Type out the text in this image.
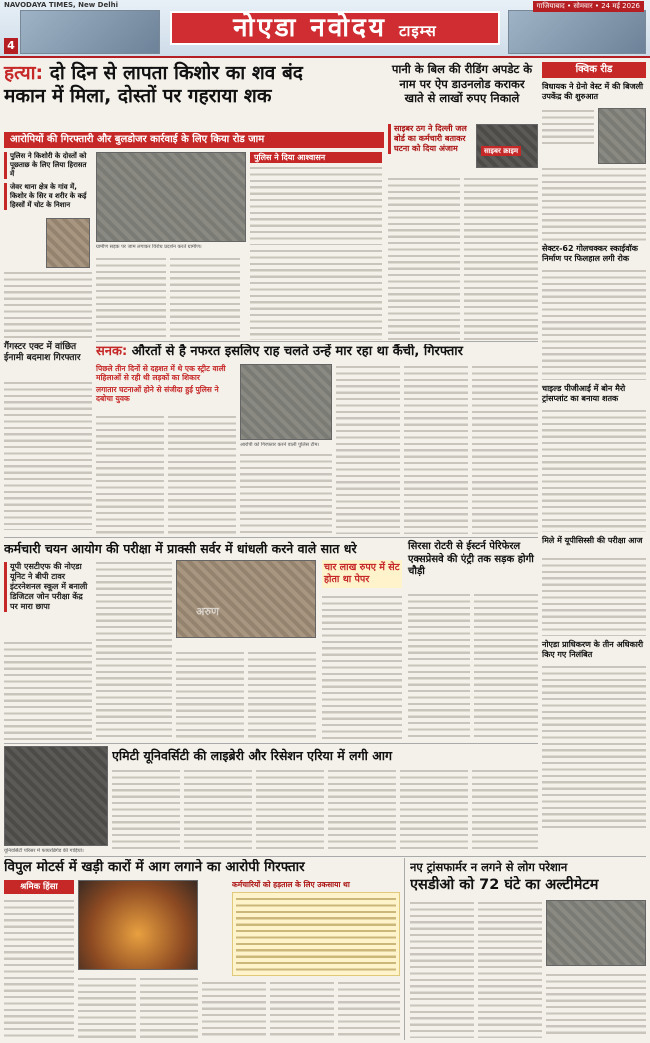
NAVODAYA TIMES, New Delhi
4
नोएडा नवोदय टाइम्स
गाजियाबाद • सोमवार • 24 मई 2026
हत्या: दो दिन से लापता किशोर का शव बंद
मकान में मिला, दोस्तों पर गहराया शक
आरोपियों की गिरफ्तारी और बुलडोजर कार्रवाई के लिए किया रोड जाम
पुलिस ने किशोरी के दोस्तों को पूछताछ के लिए लिया हिरासत में
जेवर थाना क्षेत्र के गांव में, किशोर के सिर व शरीर के कई हिस्सों में चोट के निशान
पुलिस ने दिया आश्वासन
ग्रामीण सड़क पर जाम लगाकर विरोध प्रदर्शन करते ग्रामीण।
गैंगस्टर एक्ट में वांछित ईनामी बदमाश गिरफ्तार
पानी के बिल की रीडिंग अपडेट के नाम पर ऐप डाउनलोड कराकर खाते से लाखों रुपए निकाले
साइबर ठग ने दिल्ली जल बोर्ड का कर्मचारी बताकर घटना को दिया अंजाम	साइबर क्राइम
क्विक रीड
विधायक ने ग्रेनो वेस्ट में की बिजली उपकेंद्र की शुरुआत
सेक्टर-62 गोलचक्कर स्काईवॉक निर्माण पर फिलहाल लगी रोक
चाइल्ड पीजीआई में बोन मैरो ट्रांसप्लांट का बनाया शतक
मिले में यूपीसिस्सी की परीक्षा आज
नोएडा प्राधिकरण के तीन अधिकारी किए गए निलंबित
सनक: औरतों से है नफरत इसलिए राह चलते उन्हें मार रहा था कैंची, गिरफ्तार
पिछले तीन दिनों से दहशत में थे एक स्ट्रीट वाली महिलाओं से रही थी लड़कों का शिकार
लगातार घटनाओं होने से संजीदा हुई पुलिस ने दबोचा युवक
आरोपी को गिरफ्तार करने वाली पुलिस टीम।
कर्मचारी चयन आयोग की परीक्षा में प्राक्सी सर्वर में धांधली करने वाले सात धरे
यूपी एसटीएफ की नोएडा यूनिट ने बीपी टावर इंटरनेशनल स्कूल में बनाली डिजिटल जोन परीक्षा केंद्र पर मारा छापा	अरुण
चार लाख रुपए में सेट होता था पेपर
सिरसा रोटरी से ईस्टर्न पेरिफेरल एक्सप्रेसवे की एंट्री तक सड़क होगी चौड़ी
यूनिवर्सिटी परिसर में फायरब्रिगेड की गाड़ियां।
एमिटी यूनिवर्सिटी की लाइब्रेरी और रिसेशन एरिया में लगी आग
विपुल मोटर्स में खड़ी कारों में आग लगाने का आरोपी गिरफ्तार
श्रमिक हिंसा	कर्मचारियों को हड़ताल के लिए उकसाया था
नए ट्रांसफार्मर न लगने से लोग परेशान
एसडीओ को 72 घंटे का अल्टीमेटम
